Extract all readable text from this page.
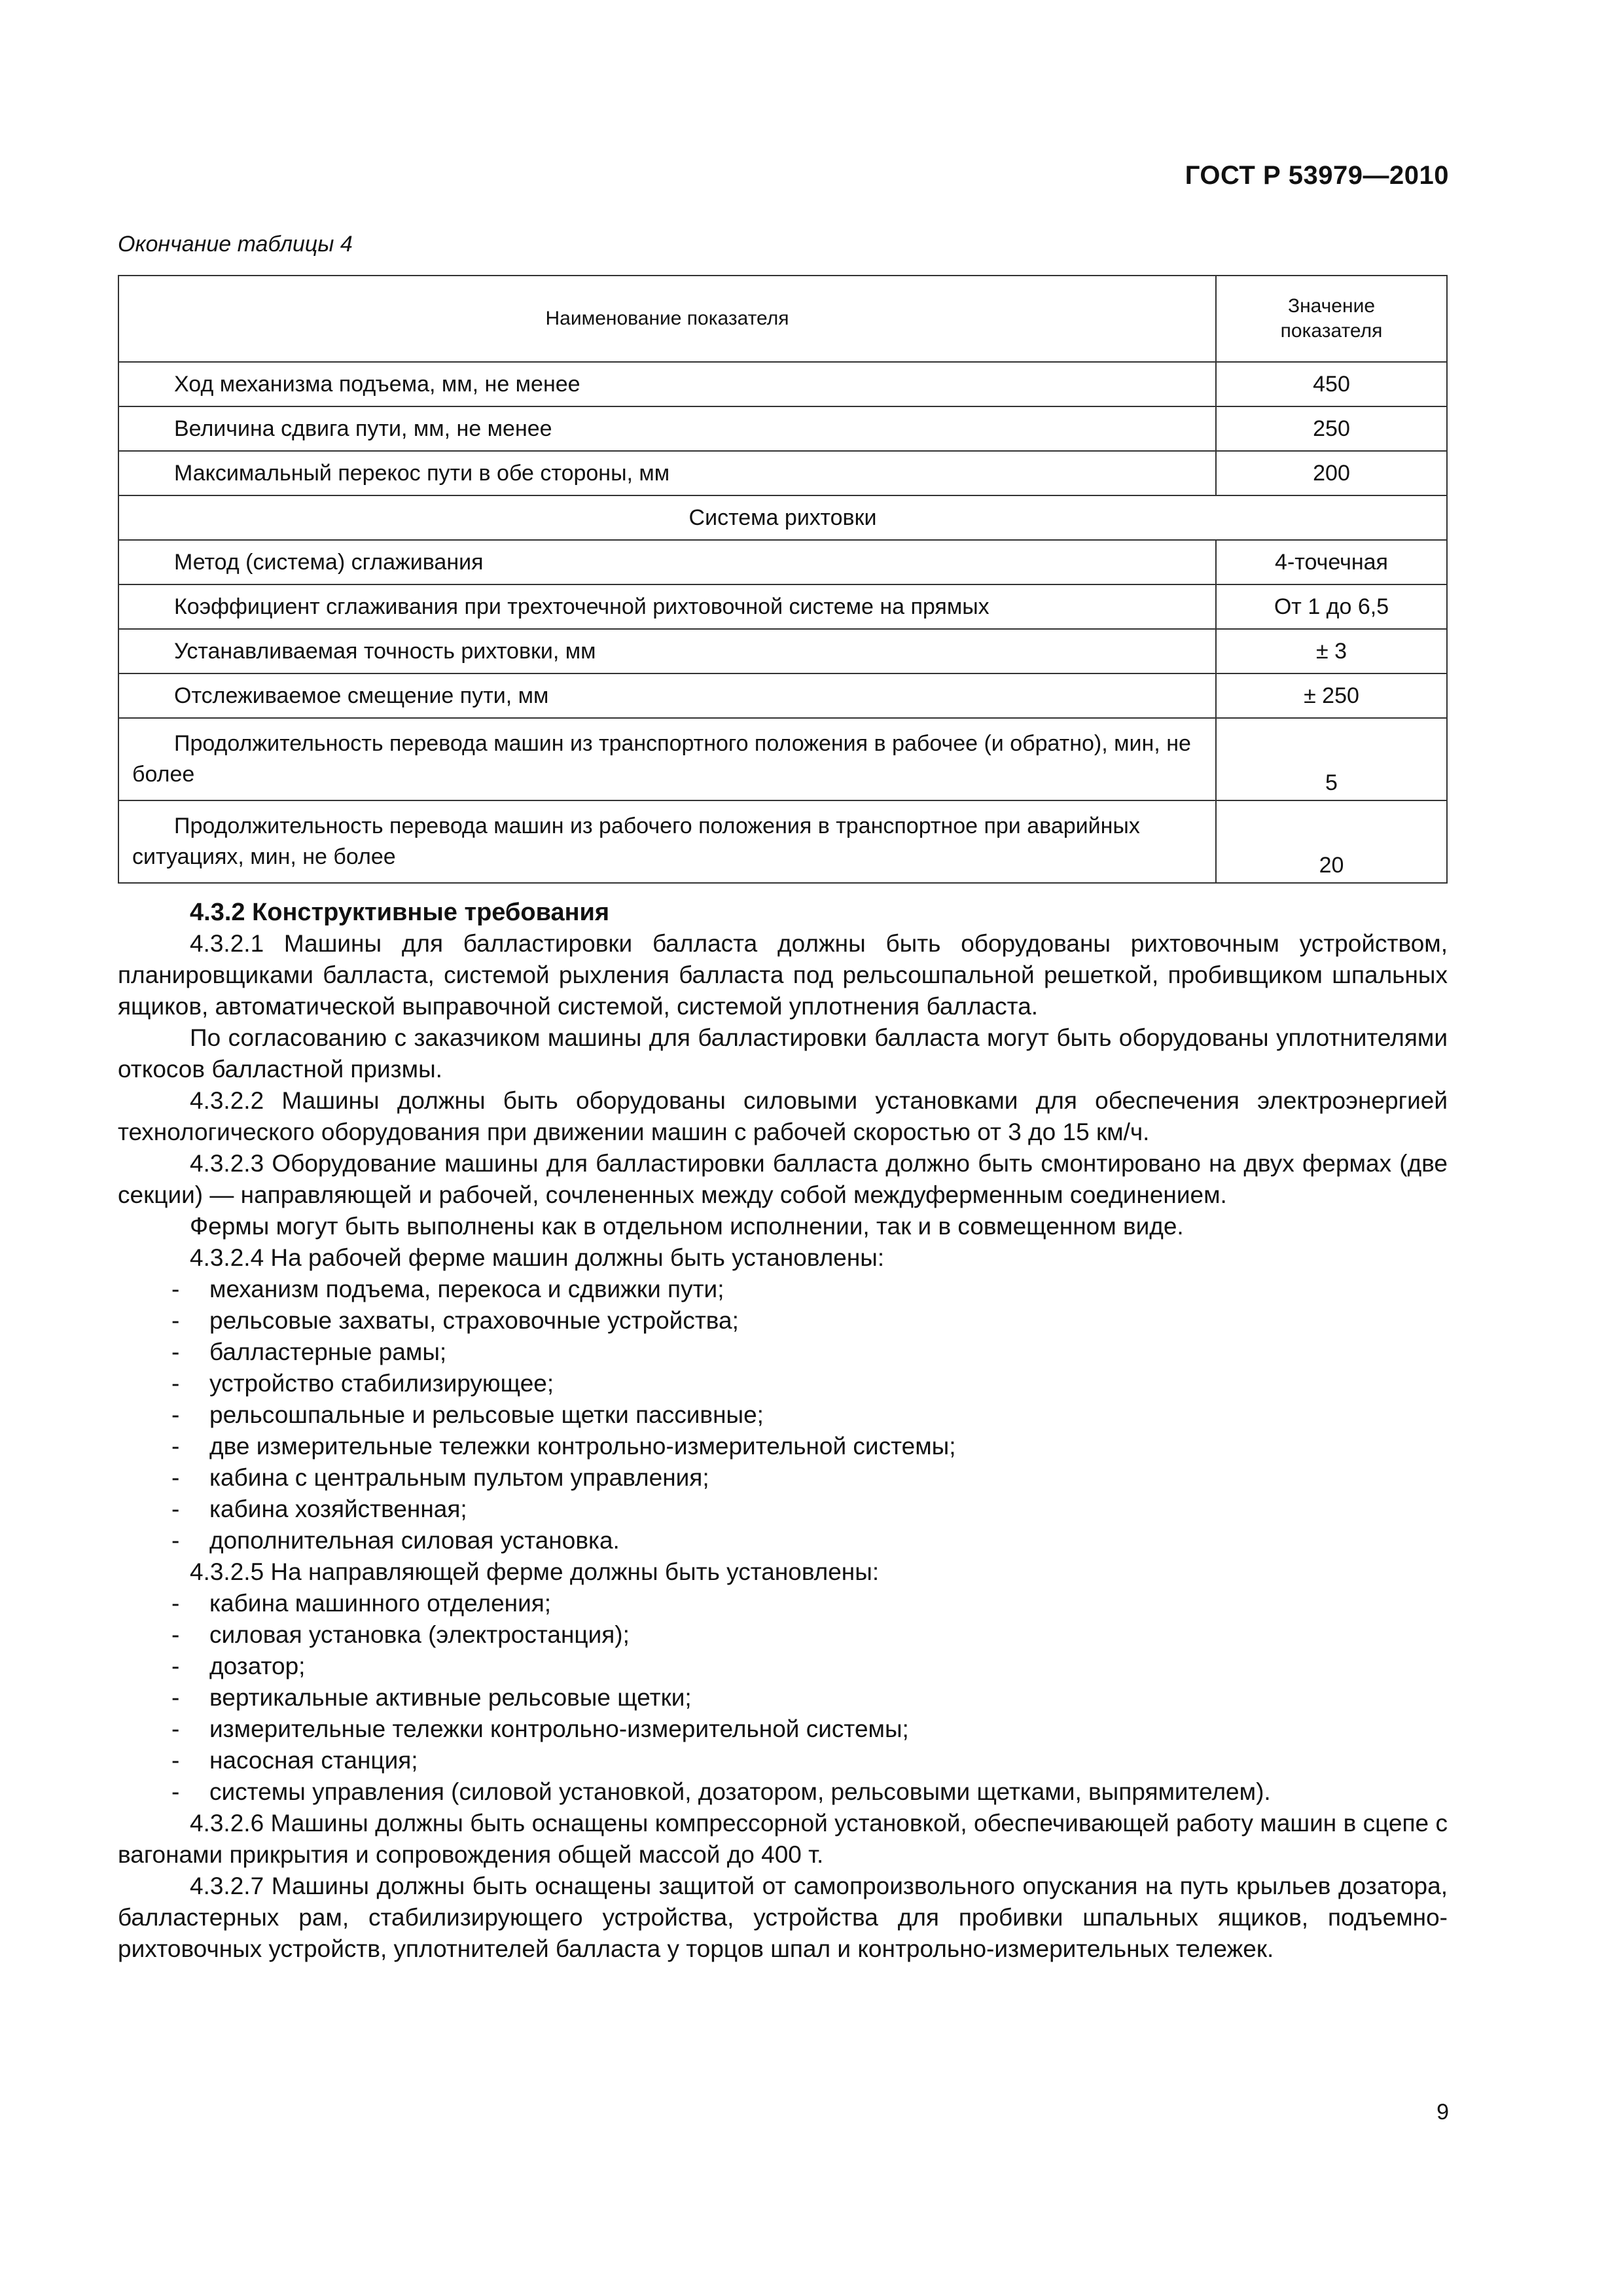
ГОСТ Р 53979—2010
Окончание таблицы 4
Наименование показателя	Значение показателя
Ход механизма подъема, мм, не менее	450
Величина сдвига пути, мм, не менее	250
Максимальный перекос пути в обе стороны, мм	200
Система рихтовки	
Метод (система) сглаживания	4-точечная
Коэффициент сглаживания при трехточечной рихтовочной системе на прямых	От 1 до 6,5
Устанавливаемая точность рихтовки, мм	± 3
Отслеживаемое смещение пути, мм	± 250
Продолжительность перевода машин из транспортного положения в рабочее (и обратно), мин, не более	5
Продолжительность перевода машин из рабочего положения в транспортное при аварийных ситуациях, мин, не более	20

4.3.2 Конструктивные требования

4.3.2.1 Машины для балластировки балласта должны быть оборудованы рихтовочным устройством, планировщиками балласта, системой рыхления балласта под рельсошпальной решеткой, пробивщиком шпальных ящиков, автоматической выправочной системой, системой уплотнения балласта.

По согласованию с заказчиком машины для балластировки балласта могут быть оборудованы уплотнителями откосов балластной призмы.

4.3.2.2 Машины должны быть оборудованы силовыми установками для обеспечения электроэнергией технологического оборудования при движении машин с рабочей скоростью от 3 до 15 км/ч.

4.3.2.3 Оборудование машины для балластировки балласта должно быть смонтировано на двух фермах (две секции) — направляющей и рабочей, сочлененных между собой междуферменным соединением.

Фермы могут быть выполнены как в отдельном исполнении, так и в совмещенном виде.

4.3.2.4 На рабочей ферме машин должны быть установлены:

-	механизм подъема, перекоса и сдвижки пути;
-	рельсовые захваты, страховочные устройства;
-	балластерные рамы;
-	устройство стабилизирующее;
-	рельсошпальные и рельсовые щетки пассивные;
-	две измерительные тележки контрольно-измерительной системы;
-	кабина с центральным пультом управления;
-	кабина хозяйственная;
-	дополнительная силовая установка.

4.3.2.5 На направляющей ферме должны быть установлены:

-	кабина машинного отделения;
-	силовая установка (электростанция);
-	дозатор;
-	вертикальные активные рельсовые щетки;
-	измерительные тележки контрольно-измерительной системы;
-	насосная станция;
-	системы управления (силовой установкой, дозатором, рельсовыми щетками, выпрямителем).

4.3.2.6 Машины должны быть оснащены компрессорной установкой, обеспечивающей работу машин в сцепе с вагонами прикрытия и сопровождения общей массой до 400 т.

4.3.2.7 Машины должны быть оснащены защитой от самопроизвольного опускания на путь крыльев дозатора, балластерных рам, стабилизирующего устройства, устройства для пробивки шпальных ящиков, подъемно-рихтовочных устройств, уплотнителей балласта у торцов шпал и контрольно-измерительных тележек.

9
